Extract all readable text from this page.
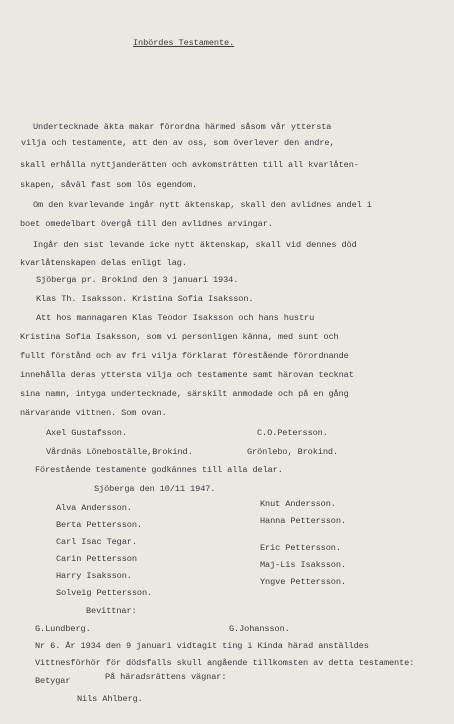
Inbördes Testamente.
Undertecknade äkta makar förordna härmed såsom vår yttersta
vilja och testamente, att den av oss, som överlever den andre,
skall erhålla nyttjanderätten och avkomsträtten till all kvarlåten-
skapen, såväl fast som lös egendom.
Om den kvarlevande ingår nytt äktenskap, skall den avlidnes andel i
boet omedelbart övergå till den avlidnes arvingar.
Ingår den sist levande icke nytt äktenskap, skall vid dennes död
kvarlåtenskapen delas enligt lag.
Sjöberga pr. Brokind den 3 januari 1934.
Klas Th. Isaksson. Kristina Sofia Isaksson.
Att hos mannagaren Klas Teodor Isaksson och hans hustru
Kristina Sofia Isaksson, som vi personligen känna, med sunt och
fullt förstånd och av fri vilja förklarat förestående förordnande
innehålla deras yttersta vilja och testamente samt härovan tecknat
sina namn, intyga undertecknade, särskilt anmodade och på en gång
närvarande vittnen. Som ovan.
Axel Gustafsson.	C.O.Petersson.
Vårdnäs Löneboställe,Brokind.	Grönlebo, Brokind.
Förestående testamente godkännes till alla delar.
Sjöberga den 10/11 1947.
Alva Andersson.
Berta Pettersson.
Carl Isac Tegar.
Carin Pettersson
Harry Isaksson.
Solveig Pettersson.
Knut Andersson.
Hanna Pettersson.
Eric Pettersson.
Maj-Lis Isaksson.
Yngve Pettersson.
Bevittnar:
G.Lundberg.	G.Johansson.
Nr 6. År 1934 den 9 januari vidtagit ting i Kinda härad anställdes
Vittnesförhör för dödsfalls skull angående tillkomsten av detta testamente:
Betygar	På häradsrättens vägnar:
Nils Ahlberg.
